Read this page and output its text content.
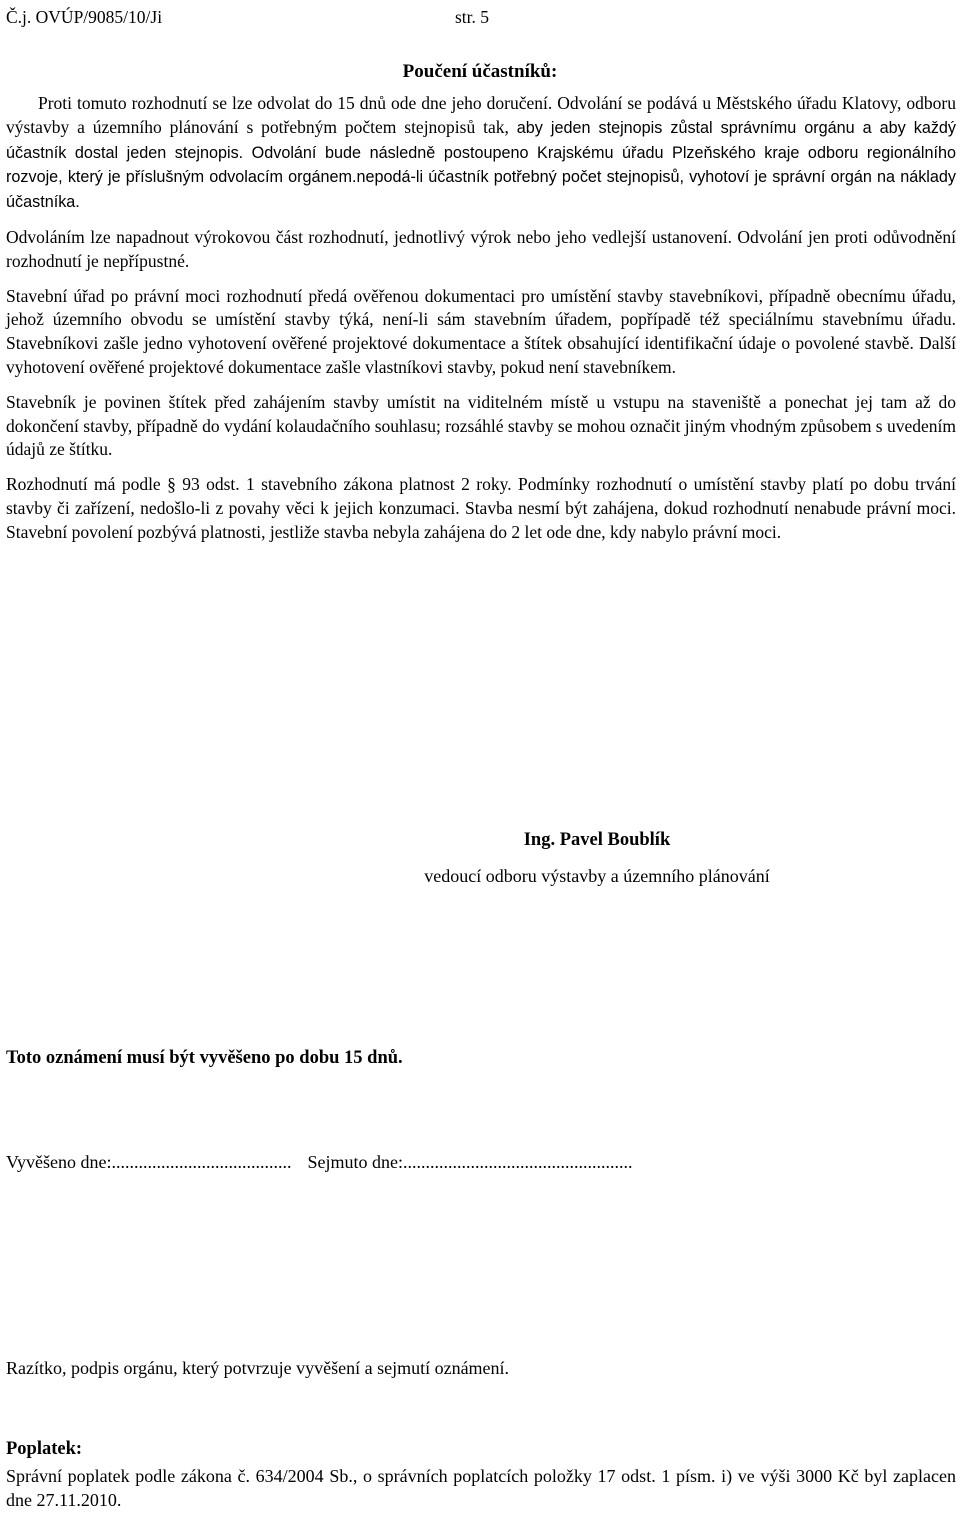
Č.j. OVÚP/9085/10/Ji	str. 5
Poučení účastníků:

Proti tomuto rozhodnutí se lze odvolat do 15 dnů ode dne jeho doručení. Odvolání se podává u Městského úřadu Klatovy, odboru výstavby a územního plánování s potřebným počtem stejnopisů tak, aby jeden stejnopis zůstal správnímu orgánu a aby každý účastník dostal jeden stejnopis. Odvolání bude následně postoupeno Krajskému úřadu Plzeňského kraje odboru regionálního rozvoje, který je příslušným odvolacím orgánem.nepodá-li účastník potřebný počet stejnopisů, vyhotoví je správní orgán na náklady účastníka.

Odvoláním lze napadnout výrokovou část rozhodnutí, jednotlivý výrok nebo jeho vedlejší ustanovení. Odvolání jen proti odůvodnění rozhodnutí je nepřípustné.

Stavební úřad po právní moci rozhodnutí předá ověřenou dokumentaci pro umístění stavby stavebníkovi, případně obecnímu úřadu, jehož územního obvodu se umístění stavby týká, není-li sám stavebním úřadem, popřípadě též speciálnímu stavebnímu úřadu. Stavebníkovi zašle jedno vyhotovení ověřené projektové dokumentace a štítek obsahující identifikační údaje o povolené stavbě. Další vyhotovení ověřené projektové dokumentace zašle vlastníkovi stavby, pokud není stavebníkem.

Stavebník je povinen štítek před zahájením stavby umístit na viditelném místě u vstupu na staveniště a ponechat jej tam až do dokončení stavby, případně do vydání kolaudačního souhlasu; rozsáhlé stavby se mohou označit jiným vhodným způsobem s uvedením údajů ze štítku.

Rozhodnutí má podle § 93 odst. 1 stavebního zákona platnost 2 roky. Podmínky rozhodnutí o umístění stavby platí po dobu trvání stavby či zařízení, nedošlo-li z povahy věci k jejich konzumaci. Stavba nesmí být zahájena, dokud rozhodnutí nenabude právní moci. Stavební povolení pozbývá platnosti, jestliže stavba nebyla zahájena do 2 let ode dne, kdy nabylo právní moci.

Ing. Pavel Boublík
vedoucí odboru výstavby a územního plánování
Toto oznámení musí být vyvěšeno po dobu 15 dnů.
Vyvěšeno dne:........................................ Sejmuto dne:...................................................
Razítko, podpis orgánu, který potvrzuje vyvěšení a sejmutí oznámení.
Poplatek:
Správní poplatek podle zákona č. 634/2004 Sb., o správních poplatcích položky 17 odst. 1 písm. i) ve výši 3000 Kč byl zaplacen dne 27.11.2010.
